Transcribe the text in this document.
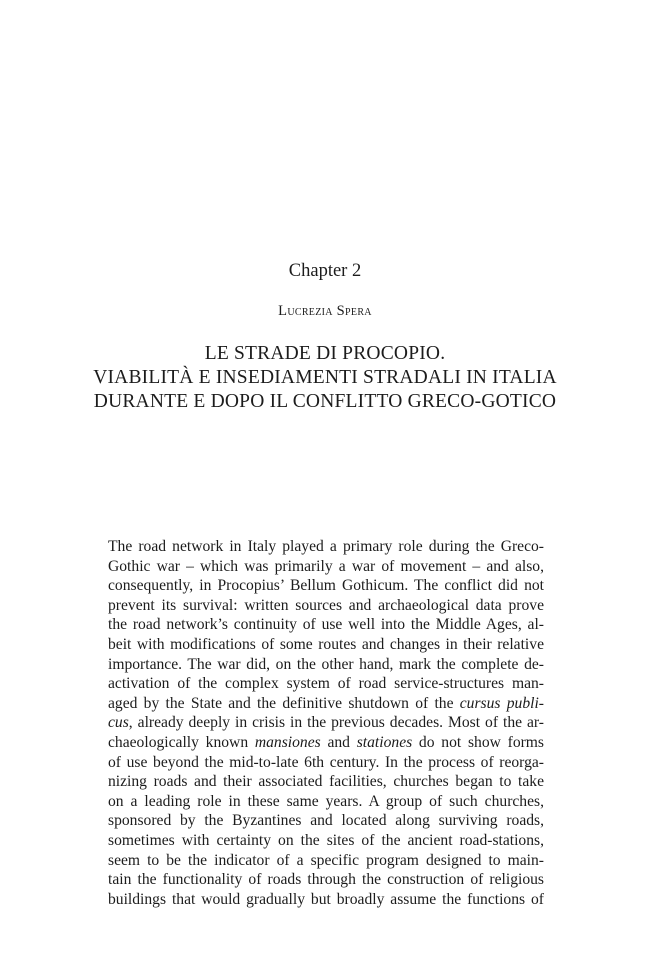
Chapter 2
Lucrezia Spera
LE STRADE DI PROCOPIO.
VIABILITÀ E INSEDIAMENTI STRADALI IN ITALIA
DURANTE E DOPO IL CONFLITTO GRECO-GOTICO
The road network in Italy played a primary role during the Greco-
Gothic war – which was primarily a war of movement – and also,
consequently, in Procopius’ Bellum Gothicum. The conflict did not
prevent its survival: written sources and archaeological data prove
the road network’s continuity of use well into the Middle Ages, al-
beit with modifications of some routes and changes in their relative
importance. The war did, on the other hand, mark the complete de-
activation of the complex system of road service-structures man-
aged by the State and the definitive shutdown of the cursus publi-
cus, already deeply in crisis in the previous decades. Most of the ar-
chaeologically known mansiones and stationes do not show forms
of use beyond the mid-to-late 6th century. In the process of reorga-
nizing roads and their associated facilities, churches began to take
on a leading role in these same years. A group of such churches,
sponsored by the Byzantines and located along surviving roads,
sometimes with certainty on the sites of the ancient road-stations,
seem to be the indicator of a specific program designed to main-
tain the functionality of roads through the construction of religious
buildings that would gradually but broadly assume the functions of
